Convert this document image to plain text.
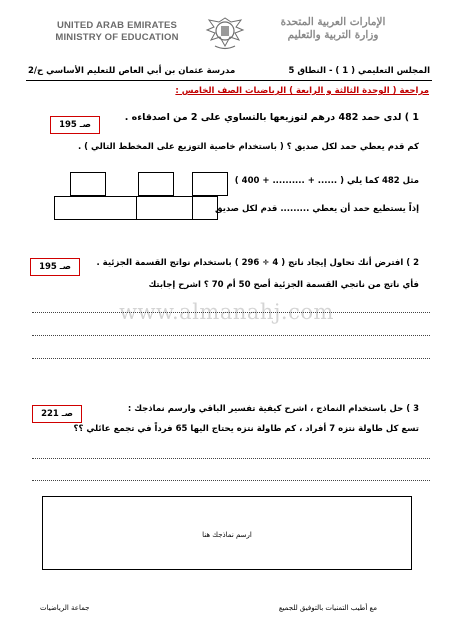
UNITED ARAB EMIRATES
MINISTRY OF EDUCATION
الإمارات العربية المتحدة
وزارة التربية والتعليم
مدرسة عثمان بن أبي العاص للتعليم الأساسي ح/2	المجلس التعليمي ( 1 ) - النطاق 5
مراجعة ( الوحدة الثالثة و الرابعة ) الرياضيات الصف الخامس :
صـ 195
1 ) لدى حمد 482 درهم لتوزيعها بالتساوي على 2 من اصدقاءه .
كم قدم يعطي حمد لكل صديق ؟ ( باستخدام خاصية التوزيع على المخطط التالي ) .
مثل 482 كما يلي ( ...... + .......... + 400 )
إذاً يستطيع حمد أن يعطي ......... قدم لكل صديق
صـ 195	2 ) افترض أنك تحاول إيجاد ناتج ( 4 ÷ 296 ) باستخدام نواتج القسمة الجزئية .
فأي ناتج من ناتجي القسمة الجزئية أصح 50 أم 70 ؟ اشرح إجابتك
www.almanahj.com
صـ 221	3 ) حل باستخدام النماذج ، اشرح كيفية تفسير الباقي وارسم نماذجك :
تسع كل طاولة نتزه 7 أفراد ، كم طاولة نتزه يحتاج اليها 65 فرداً في تجمع عائلي ؟؟
ارسم نماذجك هنا
جماعة الرياضيات	مع أطيب التمنيات بالتوفيق للجميع
